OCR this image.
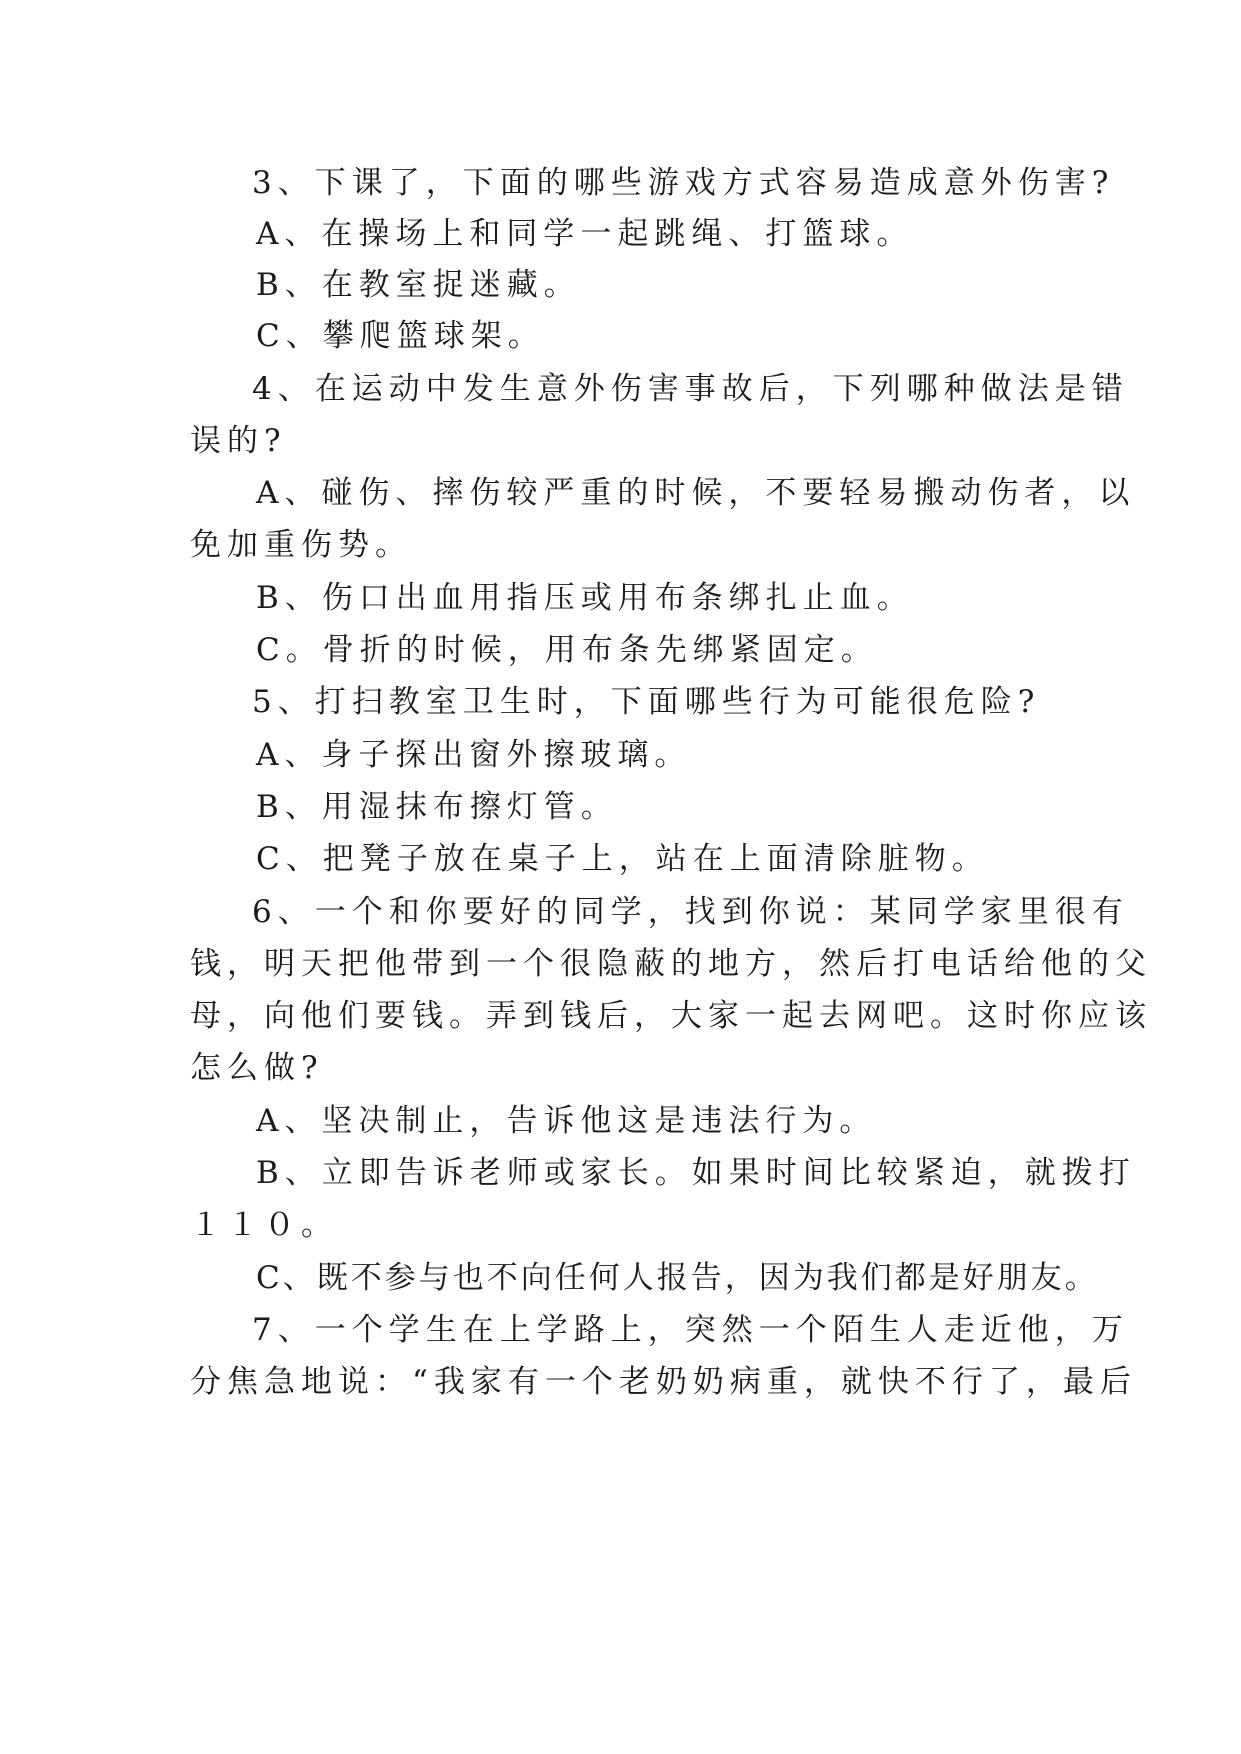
3、下课了，下面的哪些游戏方式容易造成意外伤害?
A、在操场上和同学一起跳绳、打篮球。
B、在教室捉迷藏。
C、攀爬篮球架。
4、在运动中发生意外伤害事故后，下列哪种做法是错
误的?
A、碰伤、摔伤较严重的时候，不要轻易搬动伤者，以
免加重伤势。
B、伤口出血用指压或用布条绑扎止血。
C。骨折的时候，用布条先绑紧固定。
5、打扫教室卫生时，下面哪些行为可能很危险?
A、身子探出窗外擦玻璃。
B、用湿抹布擦灯管。
C、把凳子放在桌子上，站在上面清除脏物。
6、一个和你要好的同学，找到你说：某同学家里很有
钱，明天把他带到一个很隐蔽的地方，然后打电话给他的父
母，向他们要钱。弄到钱后，大家一起去网吧。这时你应该
怎么做?
A、坚决制止，告诉他这是违法行为。
B、立即告诉老师或家长。如果时间比较紧迫，就拨打
１１０。
C、既不参与也不向任何人报告，因为我们都是好朋友。
7、一个学生在上学路上，突然一个陌生人走近他，万
分焦急地说：“我家有一个老奶奶病重，就快不行了，最后
